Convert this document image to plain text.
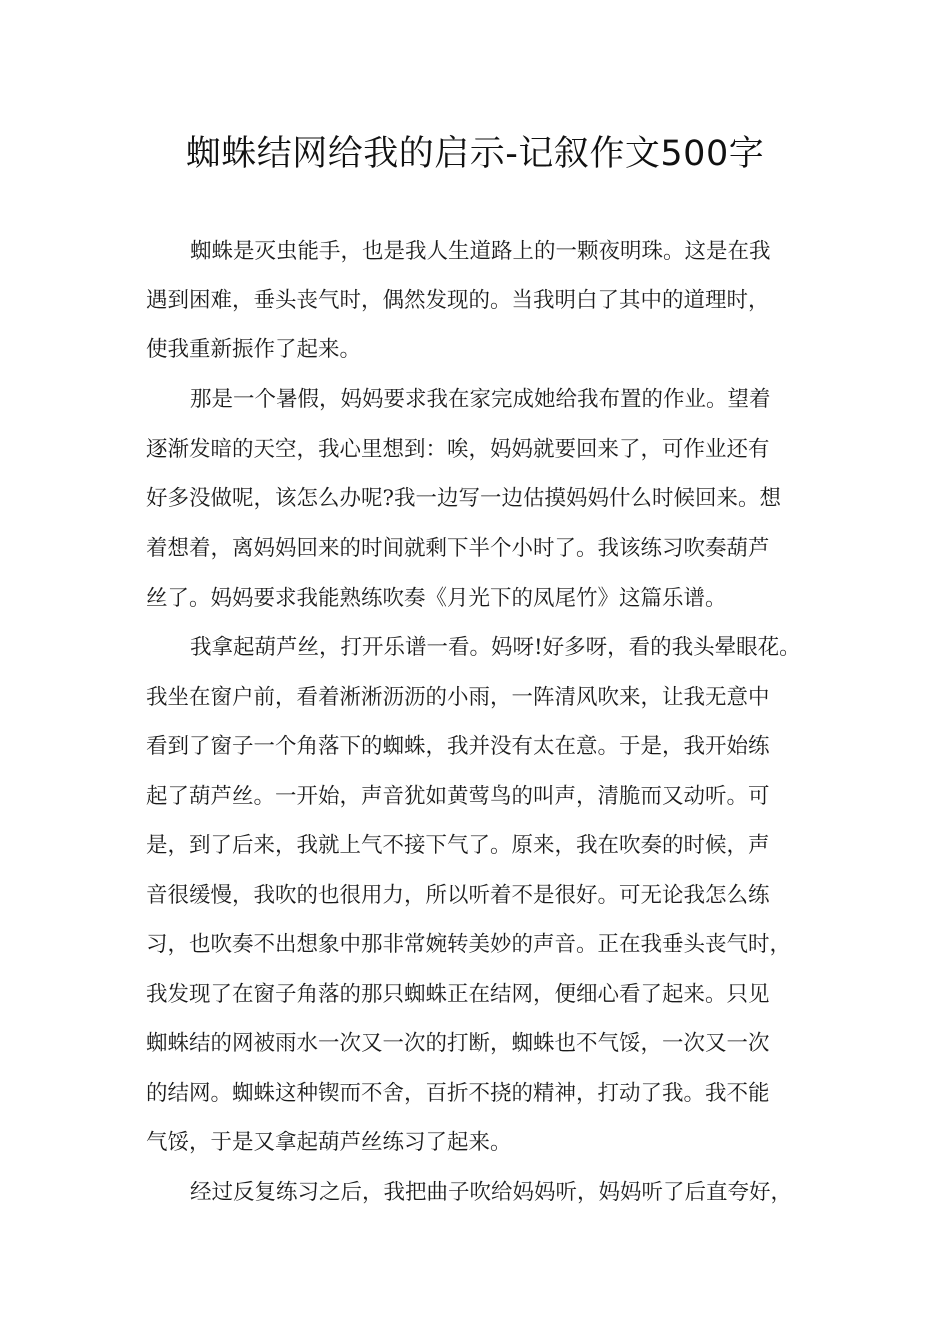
蜘蛛结网给我的启示-记叙作文500字

蜘蛛是灭虫能手，也是我人生道路上的一颗夜明珠。这是在我

遇到困难，垂头丧气时，偶然发现的。当我明白了其中的道理时，

使我重新振作了起来。

那是一个暑假，妈妈要求我在家完成她给我布置的作业。望着

逐渐发暗的天空，我心里想到：唉，妈妈就要回来了，可作业还有

好多没做呢，该怎么办呢?我一边写一边估摸妈妈什么时候回来。想

着想着，离妈妈回来的时间就剩下半个小时了。我该练习吹奏葫芦

丝了。妈妈要求我能熟练吹奏《月光下的凤尾竹》这篇乐谱。

我拿起葫芦丝，打开乐谱一看。妈呀!好多呀，看的我头晕眼花。

我坐在窗户前，看着淅淅沥沥的小雨，一阵清风吹来，让我无意中

看到了窗子一个角落下的蜘蛛，我并没有太在意。于是，我开始练

起了葫芦丝。一开始，声音犹如黄莺鸟的叫声，清脆而又动听。可

是，到了后来，我就上气不接下气了。原来，我在吹奏的时候，声

音很缓慢，我吹的也很用力，所以听着不是很好。可无论我怎么练

习，也吹奏不出想象中那非常婉转美妙的声音。正在我垂头丧气时，

我发现了在窗子角落的那只蜘蛛正在结网，便细心看了起来。只见

蜘蛛结的网被雨水一次又一次的打断，蜘蛛也不气馁，一次又一次

的结网。蜘蛛这种锲而不舍，百折不挠的精神，打动了我。我不能

气馁，于是又拿起葫芦丝练习了起来。

经过反复练习之后，我把曲子吹给妈妈听，妈妈听了后直夸好，
